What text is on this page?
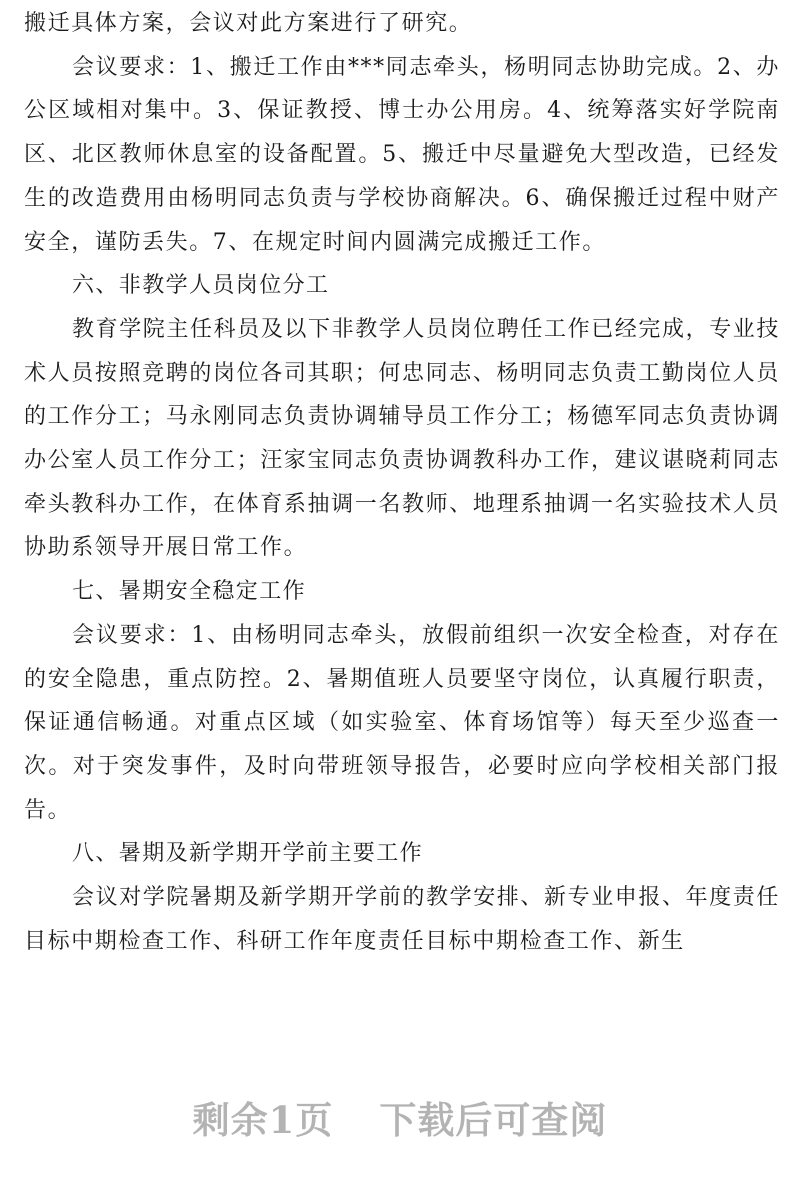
搬迁具体方案，会议对此方案进行了研究。

会议要求：1、搬迁工作由***同志牵头，杨明同志协助完成。2、办公区域相对集中。3、保证教授、博士办公用房。4、统筹落实好学院南区、北区教师休息室的设备配置。5、搬迁中尽量避免大型改造，已经发生的改造费用由杨明同志负责与学校协商解决。6、确保搬迁过程中财产安全，谨防丢失。7、在规定时间内圆满完成搬迁工作。

六、非教学人员岗位分工

教育学院主任科员及以下非教学人员岗位聘任工作已经完成，专业技术人员按照竞聘的岗位各司其职；何忠同志、杨明同志负责工勤岗位人员的工作分工；马永刚同志负责协调辅导员工作分工；杨德军同志负责协调办公室人员工作分工；汪家宝同志负责协调教科办工作，建议谌晓莉同志牵头教科办工作，在体育系抽调一名教师、地理系抽调一名实验技术人员协助系领导开展日常工作。

七、暑期安全稳定工作

会议要求：1、由杨明同志牵头，放假前组织一次安全检查，对存在的安全隐患，重点防控。2、暑期值班人员要坚守岗位，认真履行职责，保证通信畅通。对重点区域（如实验室、体育场馆等）每天至少巡查一次。对于突发事件，及时向带班领导报告，必要时应向学校相关部门报告。

八、暑期及新学期开学前主要工作

会议对学院暑期及新学期开学前的教学安排、新专业申报、年度责任目标中期检查工作、科研工作年度责任目标中期检查工作、新生

剩余1页 下载后可查阅
